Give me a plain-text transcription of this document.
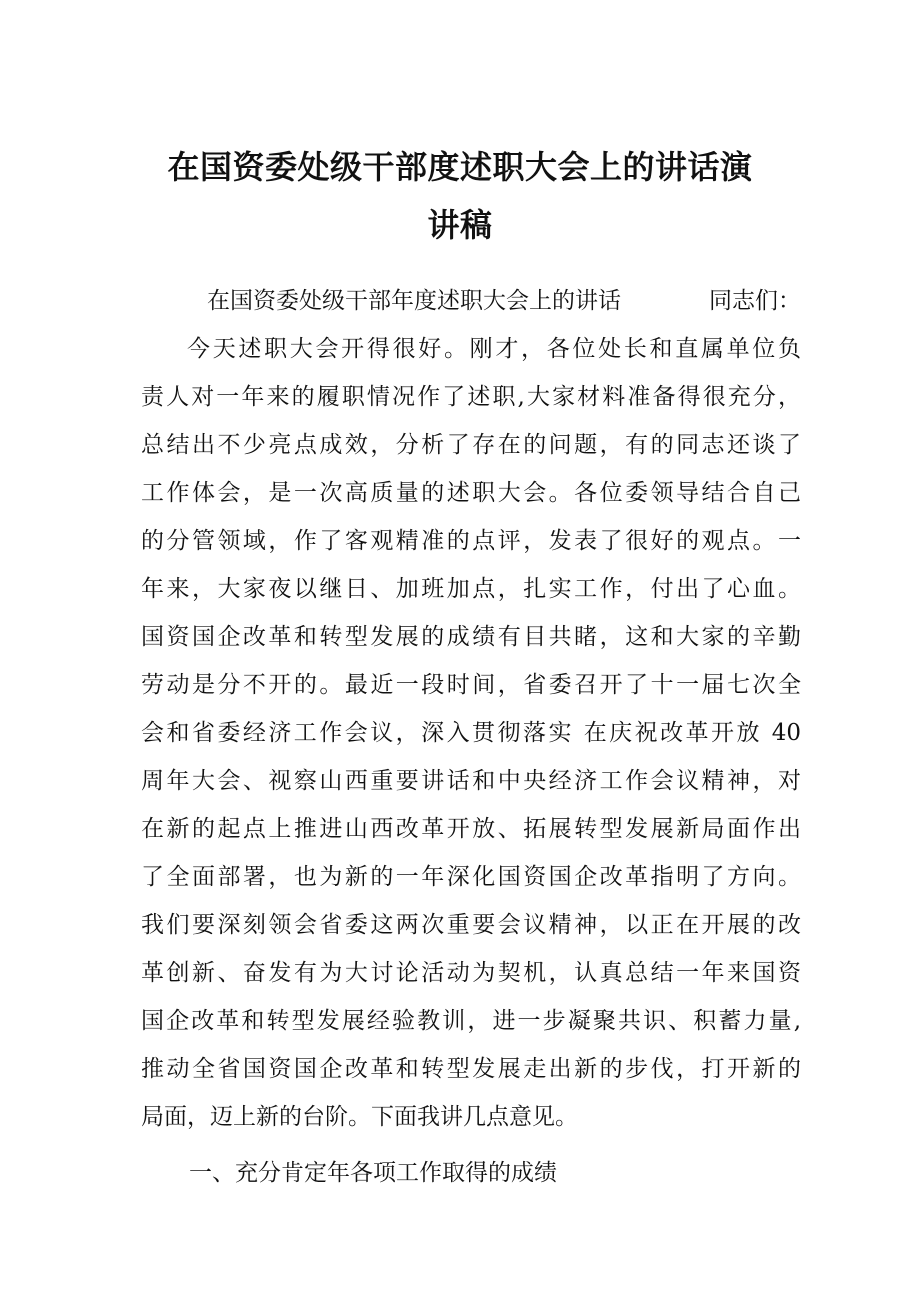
在国资委处级干部度述职大会上的讲话演
讲稿
在国资委处级干部年度述职大会上的讲话	同志们：
今天述职大会开得很好。刚才，各位处长和直属单位负
责人对一年来的履职情况作了述职,大家材料准备得很充分，
总结出不少亮点成效，分析了存在的问题，有的同志还谈了
工作体会，是一次高质量的述职大会。各位委领导结合自己
的分管领域，作了客观精准的点评，发表了很好的观点。一
年来，大家夜以继日、加班加点，扎实工作，付出了心血。
国资国企改革和转型发展的成绩有目共睹，这和大家的辛勤
劳动是分不开的。最近一段时间，省委召开了十一届七次全
会和省委经济工作会议，深入贯彻落实 在庆祝改革开放 40
周年大会、视察山西重要讲话和中央经济工作会议精神，对
在新的起点上推进山西改革开放、拓展转型发展新局面作出
了全面部署，也为新的一年深化国资国企改革指明了方向。
我们要深刻领会省委这两次重要会议精神，以正在开展的改
革创新、奋发有为大讨论活动为契机，认真总结一年来国资
国企改革和转型发展经验教训，进一步凝聚共识、积蓄力量,
推动全省国资国企改革和转型发展走出新的步伐，打开新的
局面，迈上新的台阶。下面我讲几点意见。
一、充分肯定年各项工作取得的成绩
